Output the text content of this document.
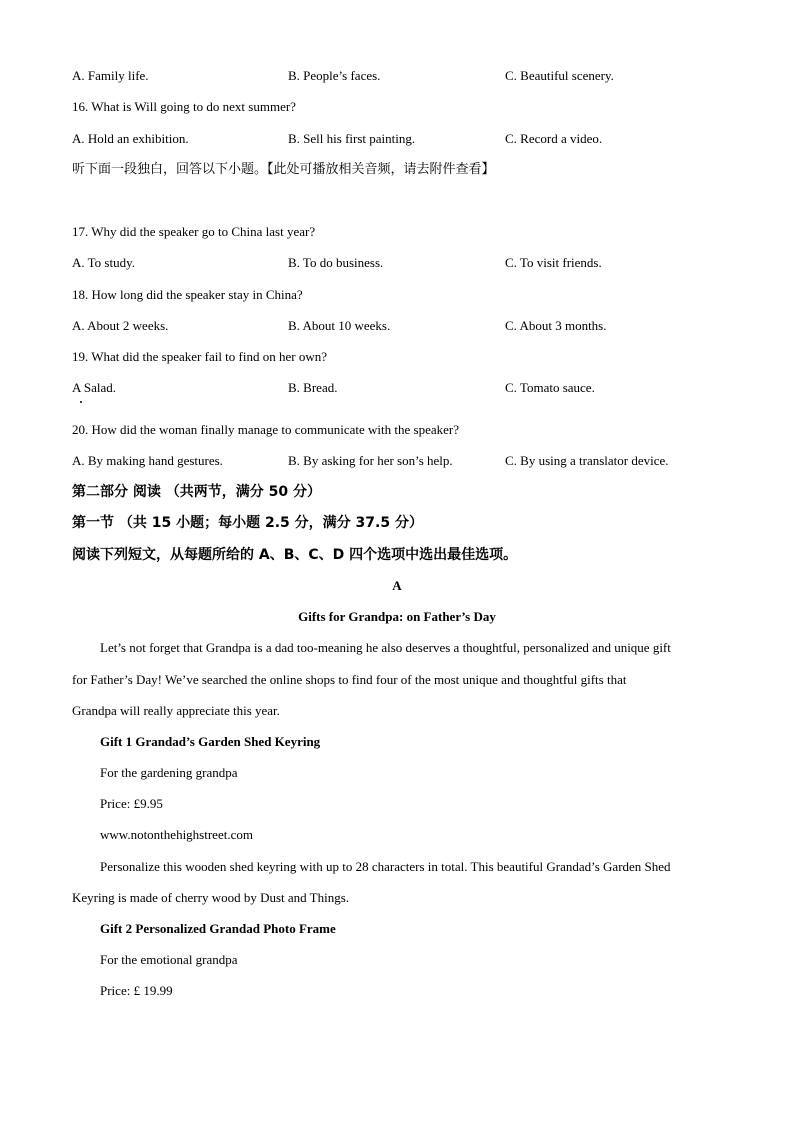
A. Family life.	B. People’s faces.	C. Beautiful scenery.
16. What is Will going to do next summer?
A. Hold an exhibition.	B. Sell his first painting.	C. Record a video.
听下面一段独白，回答以下小题。【此处可播放相关音频，请去附件查看】
17. Why did the speaker go to China last year?
A. To study.	B. To do business.	C. To visit friends.
18. How long did the speaker stay in China?
A. About 2 weeks.	B. About 10 weeks.	C. About 3 months.
19. What did the speaker fail to find on her own?
A Salad.	B. Bread.	C. Tomato sauce.
20. How did the woman finally manage to communicate with the speaker?
A. By making hand gestures.	B. By asking for her son’s help.	C. By using a translator device.
第二部分 阅读 （共两节，满分 50 分）
第一节 （共 15 小题；每小题 2.5 分，满分 37.5 分）
阅读下列短文，从每题所给的 A、B、C、D 四个选项中选出最佳选项。
A
Gifts for Grandpa: on Father’s Day
Let’s not forget that Grandpa is a dad too-meaning he also deserves a thoughtful, personalized and unique gift
for Father’s Day! We’ve searched the online shops to find four of the most unique and thoughtful gifts that
Grandpa will really appreciate this year.
Gift 1 Grandad’s Garden Shed Keyring
For the gardening grandpa
Price: £9.95
www.notonthehighstreet.com
Personalize this wooden shed keyring with up to 28 characters in total. This beautiful Grandad’s Garden Shed
Keyring is made of cherry wood by Dust and Things.
Gift 2 Personalized Grandad Photo Frame
For the emotional grandpa
Price: £ 19.99
